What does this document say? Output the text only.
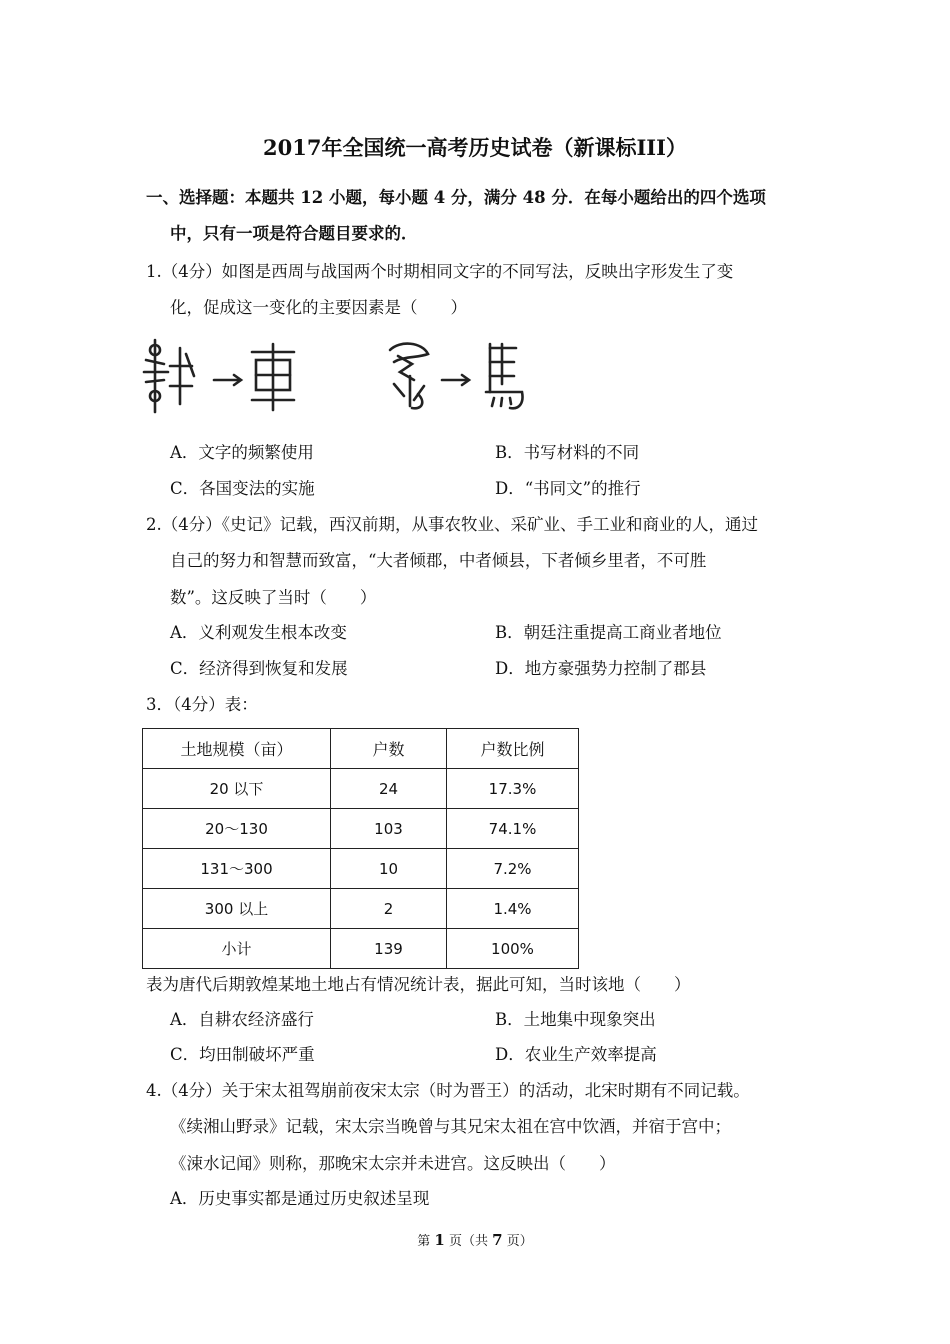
2017年全国统一高考历史试卷（新课标III）
一、选择题：本题共 12 小题，每小题 4 分，满分 48 分．在每小题给出的四个选项
中，只有一项是符合题目要求的．
1.（4分）如图是西周与战国两个时期相同文字的不同写法，反映出字形发生了变
化，促成这一变化的主要因素是（　　）
A．文字的频繁使用	B．书写材料的不同
C．各国变法的实施	D．“书同文”的推行
2.（4分）《史记》记载，西汉前期，从事农牧业、采矿业、手工业和商业的人，通过
自己的努力和智慧而致富，“大者倾郡，中者倾县，下者倾乡里者，不可胜
数”。这反映了当时（　　）
A．义利观发生根本改变	B．朝廷注重提高工商业者地位
C．经济得到恢复和发展	D．地方豪强势力控制了郡县
3．（4分）表：
土地规模（亩）	户数	户数比例
20 以下	24	17.3%
20～130	103	74.1%
131～300	10	7.2%
300 以上	2	1.4%
小计	139	100%
表为唐代后期敦煌某地土地占有情况统计表，据此可知，当时该地（　　）
A．自耕农经济盛行	B．土地集中现象突出
C．均田制破坏严重	D．农业生产效率提高
4.（4分）关于宋太祖驾崩前夜宋太宗（时为晋王）的活动，北宋时期有不同记载。
《续湘山野录》记载，宋太宗当晚曾与其兄宋太祖在宫中饮酒，并宿于宫中；
《涑水记闻》则称，那晚宋太宗并未进宫。这反映出（　　）
A．历史事实都是通过历史叙述呈现
第 1 页（共 7 页）
